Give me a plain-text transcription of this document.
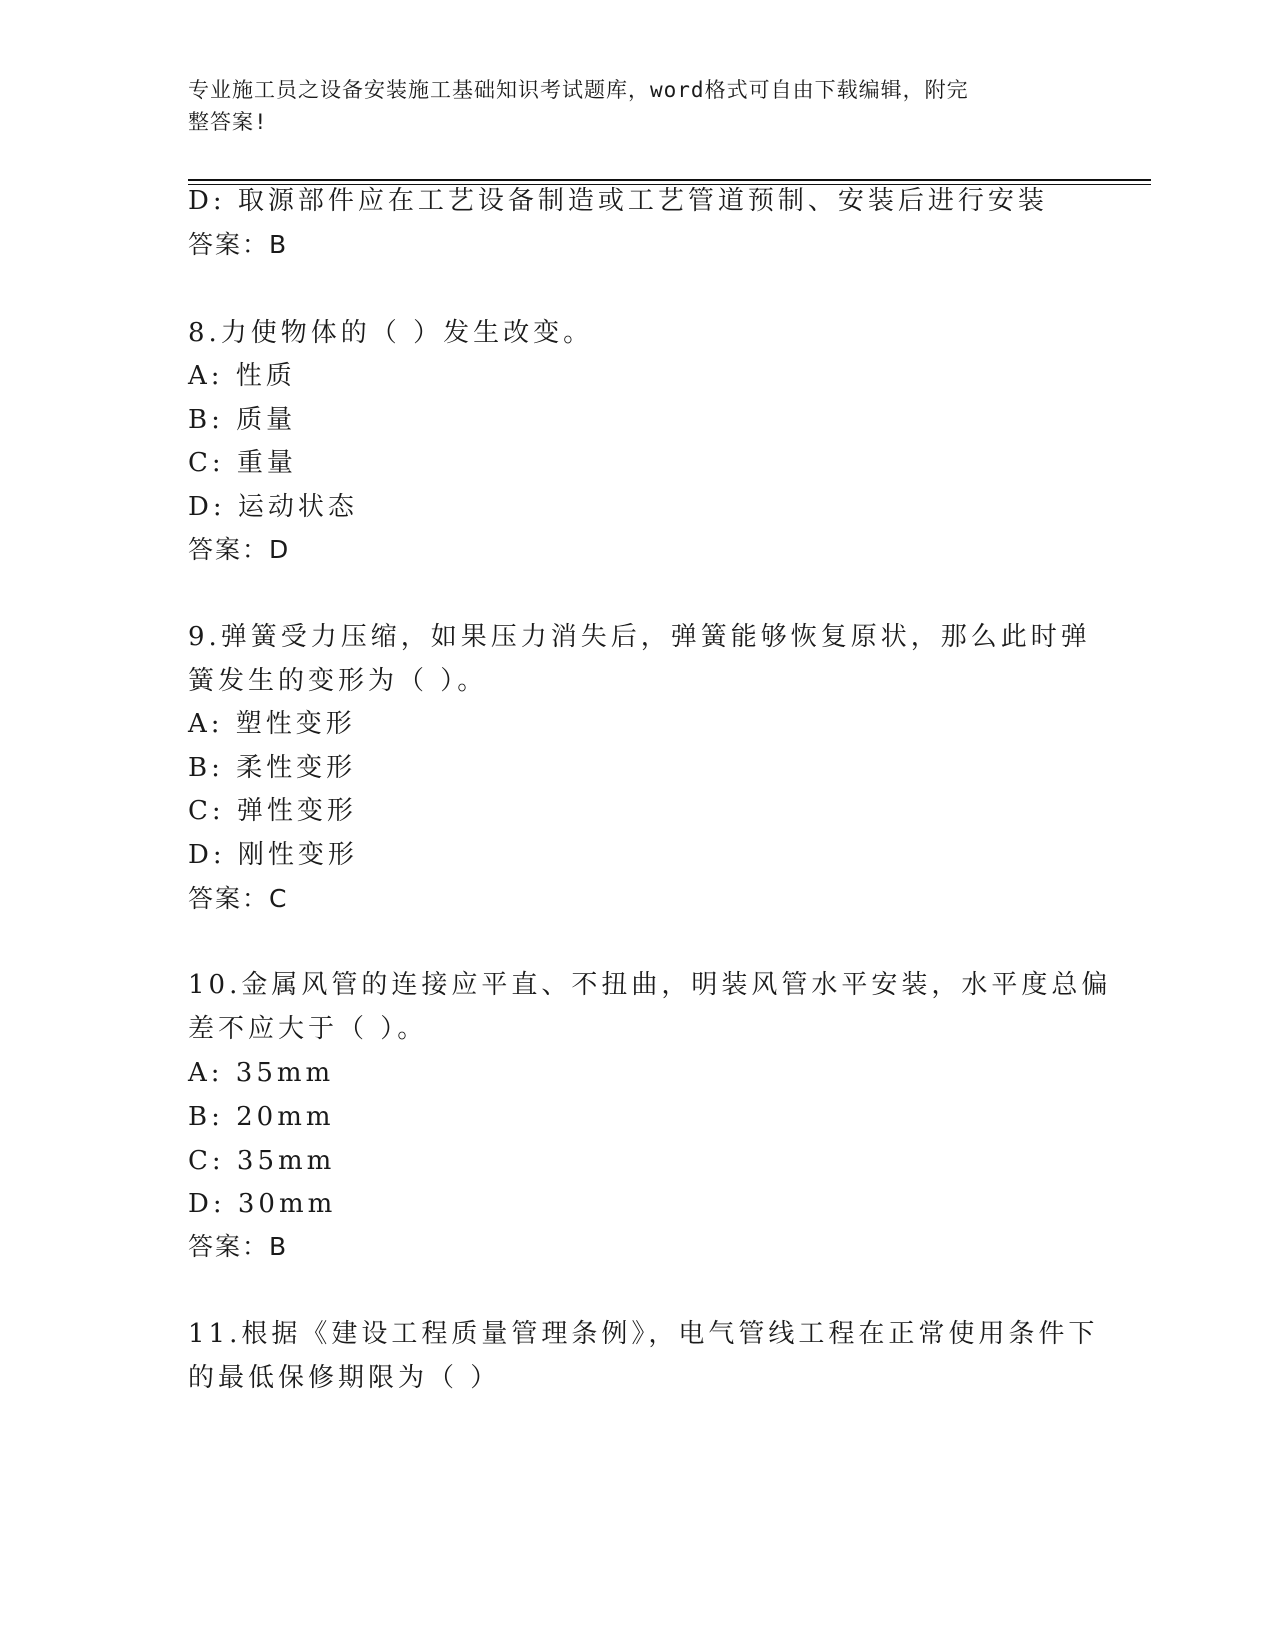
专业施工员之设备安装施工基础知识考试题库，word格式可自由下载编辑，附完
整答案!
D: 取源部件应在工艺设备制造或工艺管道预制、安装后进行安装
答案：B
8.力使物体的（ ）发生改变。
A: 性质
B: 质量
C: 重量
D: 运动状态
答案：D
9.弹簧受力压缩，如果压力消失后，弹簧能够恢复原状，那么此时弹
簧发生的变形为（ ）。
A: 塑性变形
B: 柔性变形
C: 弹性变形
D: 刚性变形
答案：C
10.金属风管的连接应平直、不扭曲，明装风管水平安装，水平度总偏
差不应大于（ ）。
A: 35mm
B: 20mm
C: 35mm
D: 30mm
答案：B
11.根据《建设工程质量管理条例》，电气管线工程在正常使用条件下
的最低保修期限为（ ）
